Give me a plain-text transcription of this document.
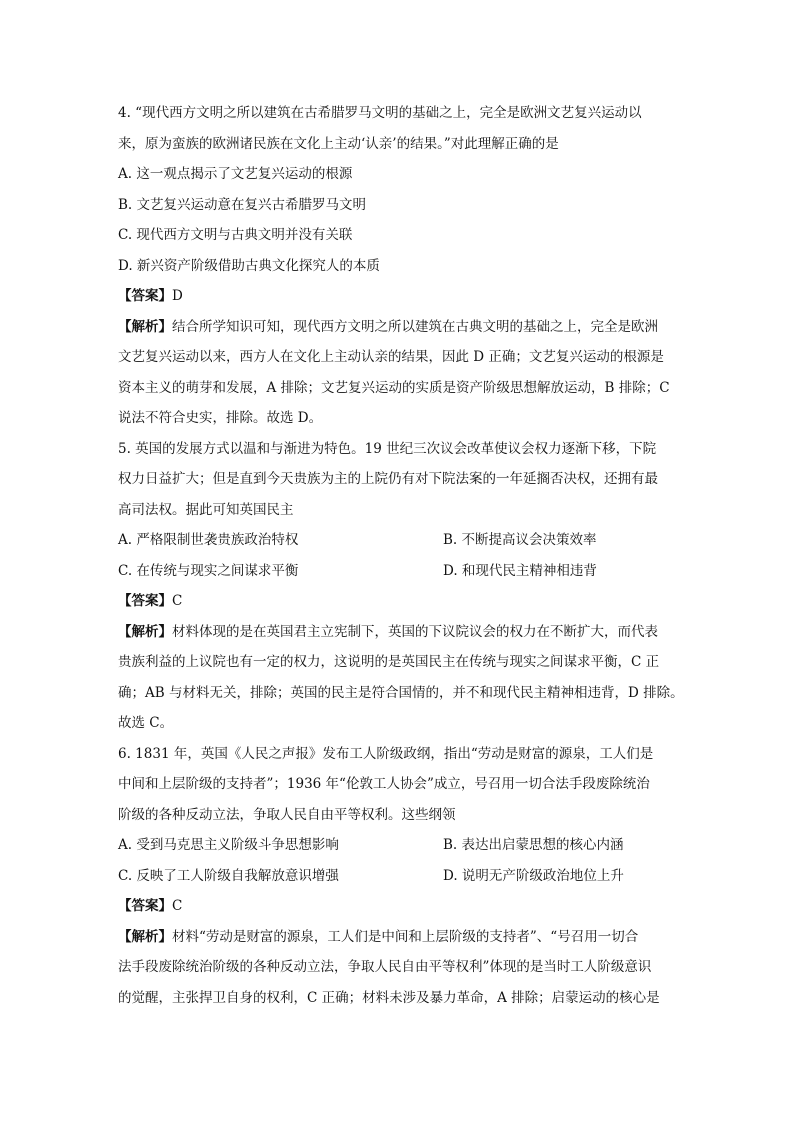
4. “现代西方文明之所以建筑在古希腊罗马文明的基础之上，完全是欧洲文艺复兴运动以
来，原为蛮族的欧洲诸民族在文化上主动‘认亲’的结果。”对此理解正确的是
A. 这一观点揭示了文艺复兴运动的根源
B. 文艺复兴运动意在复兴古希腊罗马文明
C. 现代西方文明与古典文明并没有关联
D. 新兴资产阶级借助古典文化探究人的本质
【答案】D
【解析】结合所学知识可知，现代西方文明之所以建筑在古典文明的基础之上，完全是欧洲
文艺复兴运动以来，西方人在文化上主动认亲的结果，因此 D 正确；文艺复兴运动的根源是
资本主义的萌芽和发展，A 排除；文艺复兴运动的实质是资产阶级思想解放运动，B 排除；C
说法不符合史实，排除。故选 D。
5. 英国的发展方式以温和与渐进为特色。19 世纪三次议会改革使议会权力逐渐下移，下院
权力日益扩大；但是直到今天贵族为主的上院仍有对下院法案的一年延搁否决权，还拥有最
高司法权。据此可知英国民主
A. 严格限制世袭贵族政治特权	B. 不断提高议会决策效率
C. 在传统与现实之间谋求平衡	D. 和现代民主精神相违背
【答案】C
【解析】材料体现的是在英国君主立宪制下，英国的下议院议会的权力在不断扩大，而代表
贵族利益的上议院也有一定的权力，这说明的是英国民主在传统与现实之间谋求平衡，C 正
确；AB 与材料无关，排除；英国的民主是符合国情的，并不和现代民主精神相违背，D 排除。
故选 C。
6. 1831 年，英国《人民之声报》发布工人阶级政纲，指出“劳动是财富的源泉，工人们是
中间和上层阶级的支持者”；1936 年“伦敦工人协会”成立，号召用一切合法手段废除统治
阶级的各种反动立法，争取人民自由平等权利。这些纲领
A. 受到马克思主义阶级斗争思想影响	B. 表达出启蒙思想的核心内涵
C. 反映了工人阶级自我解放意识增强	D. 说明无产阶级政治地位上升
【答案】C
【解析】材料“劳动是财富的源泉，工人们是中间和上层阶级的支持者”、“号召用一切合
法手段废除统治阶级的各种反动立法，争取人民自由平等权利”体现的是当时工人阶级意识
的觉醒，主张捍卫自身的权利，C 正确；材料未涉及暴力革命，A 排除；启蒙运动的核心是
